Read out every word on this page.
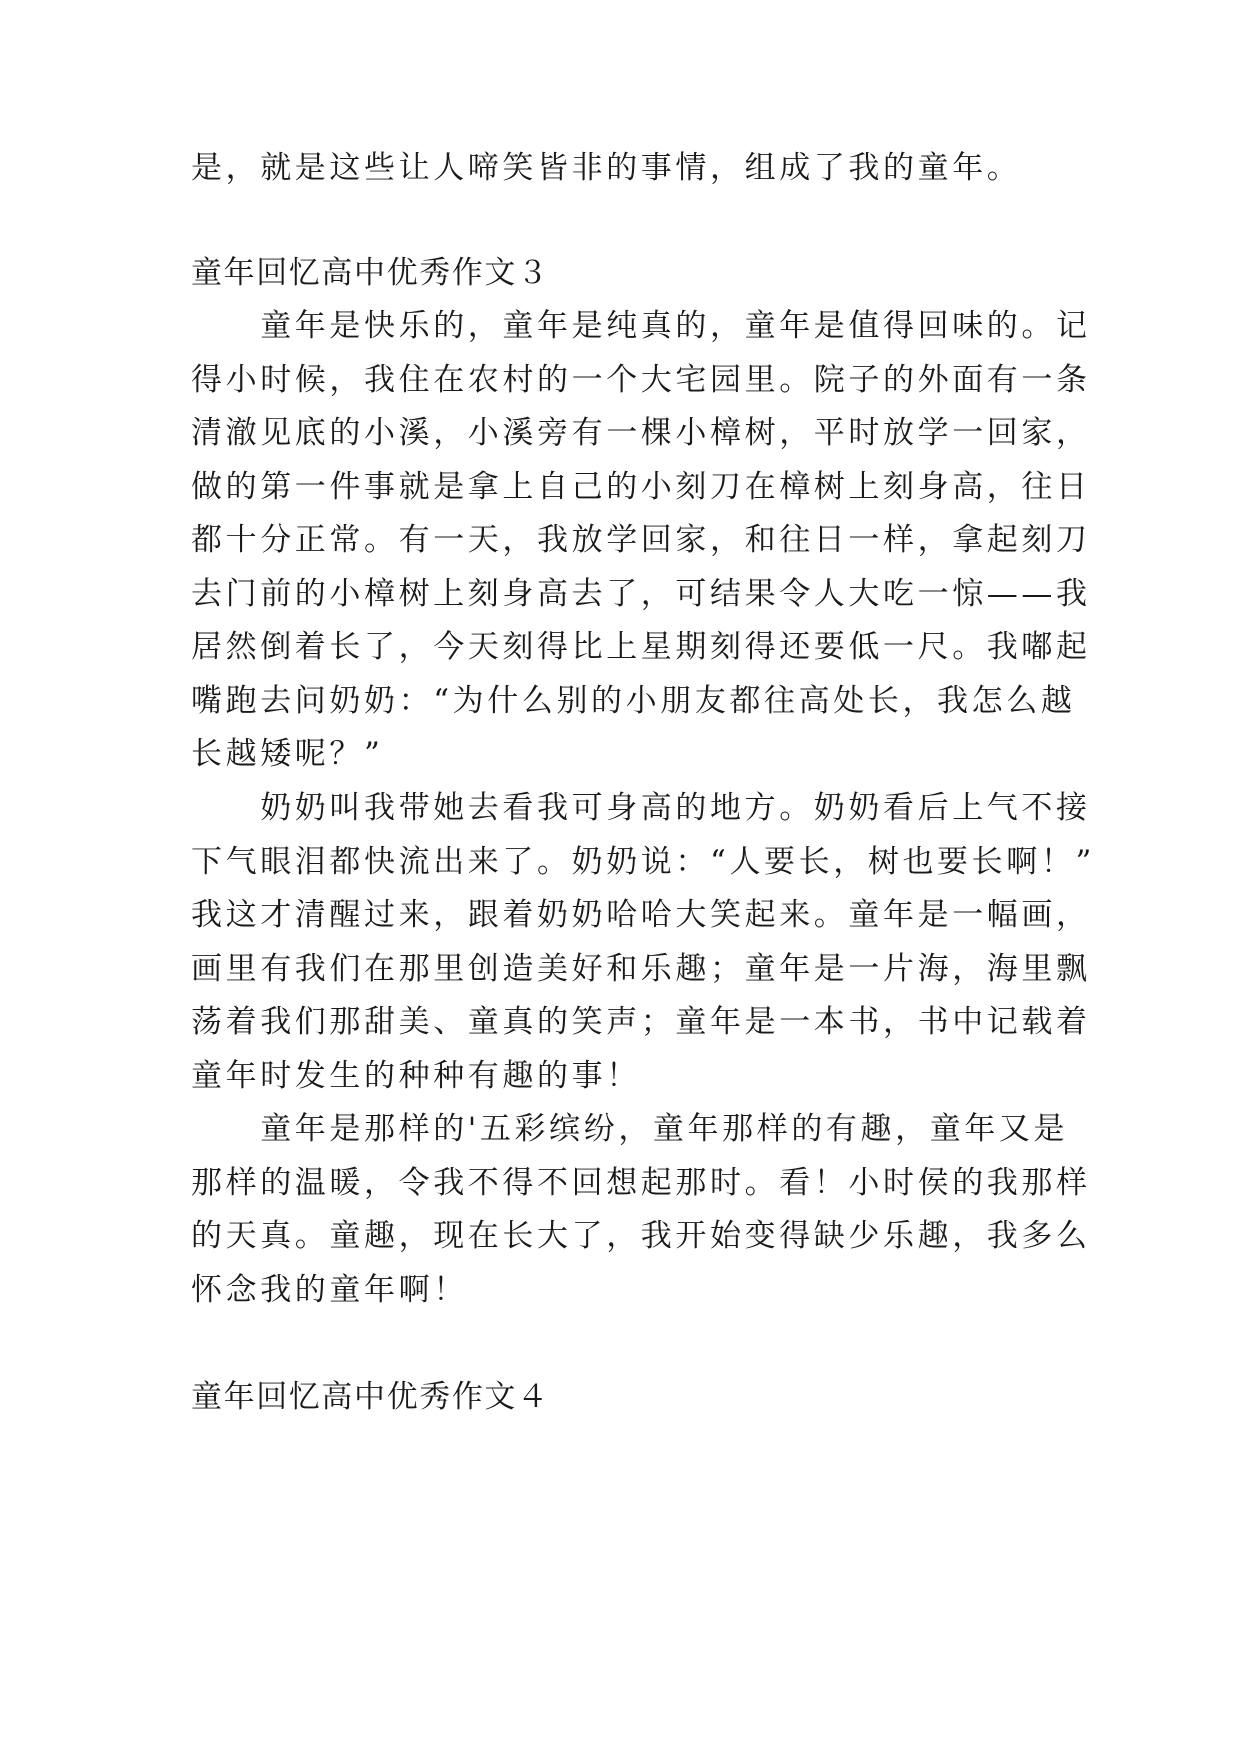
是，就是这些让人啼笑皆非的事情，组成了我的童年。
童年回忆高中优秀作文３
　　童年是快乐的，童年是纯真的，童年是值得回味的。记
得小时候，我住在农村的一个大宅园里。院子的外面有一条
清澈见底的小溪，小溪旁有一棵小樟树，平时放学一回家，
做的第一件事就是拿上自己的小刻刀在樟树上刻身高，往日
都十分正常。有一天，我放学回家，和往日一样，拿起刻刀
去门前的小樟树上刻身高去了，可结果令人大吃一惊——我
居然倒着长了，今天刻得比上星期刻得还要低一尺。我嘟起
嘴跑去问奶奶：“为什么别的小朋友都往高处长，我怎么越
长越矮呢？”
　　奶奶叫我带她去看我可身高的地方。奶奶看后上气不接
下气眼泪都快流出来了。奶奶说：“人要长，树也要长啊！”
我这才清醒过来，跟着奶奶哈哈大笑起来。童年是一幅画，
画里有我们在那里创造美好和乐趣；童年是一片海，海里飘
荡着我们那甜美、童真的笑声；童年是一本书，书中记载着
童年时发生的种种有趣的事！
　　童年是那样的'五彩缤纷，童年那样的有趣，童年又是
那样的温暖，令我不得不回想起那时。看！小时侯的我那样
的天真。童趣，现在长大了，我开始变得缺少乐趣，我多么
怀念我的童年啊！
童年回忆高中优秀作文４
